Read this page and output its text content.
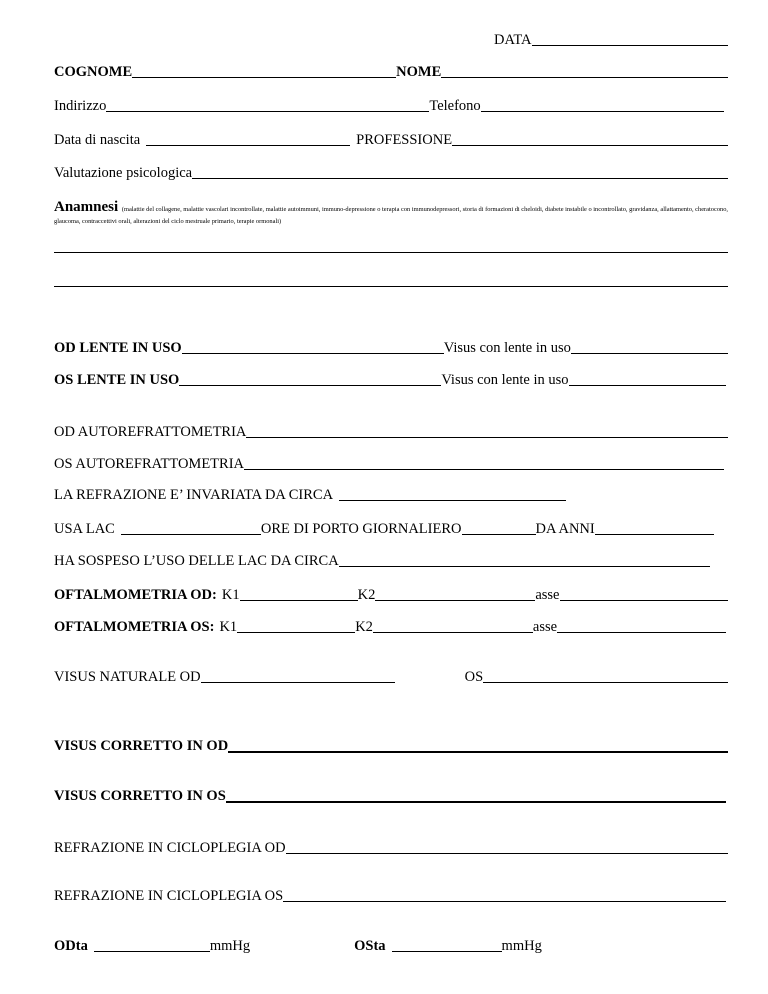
DATA
COGNOME	NOME
Indirizzo	Telefono
Data di nascita	PROFESSIONE
Valutazione psicologica
Anamnesi (malattie del collagene, malattie vascolari incontrollate, malattie autoimmuni, immuno-depressione o terapia con immunodepressori, storia di formazioni di cheloidi, diabete instabile o incontrollato, gravidanza, allattamento, cheratocono, glaucoma, contraccettivi orali, alterazioni del ciclo mestruale primario, terapie ormonali)
OD LENTE IN USO	Visus con lente in uso
OS LENTE IN USO	Visus con lente in uso
OD AUTOREFRATTOMETRIA
OS AUTOREFRATTOMETRIA
LA REFRAZIONE E’ INVARIATA DA CIRCA
USA LAC	ORE DI PORTO GIORNALIERO	DA ANNI
HA SOSPESO L’USO DELLE LAC DA CIRCA
OFTALMOMETRIA OD: K1	K2	asse
OFTALMOMETRIA OS: K1	K2	asse
VISUS NATURALE OD	OS
VISUS CORRETTO IN OD
VISUS CORRETTO IN OS
REFRAZIONE IN CICLOPLEGIA OD
REFRAZIONE IN CICLOPLEGIA OS
ODta	mmHg	OSta	mmHg
